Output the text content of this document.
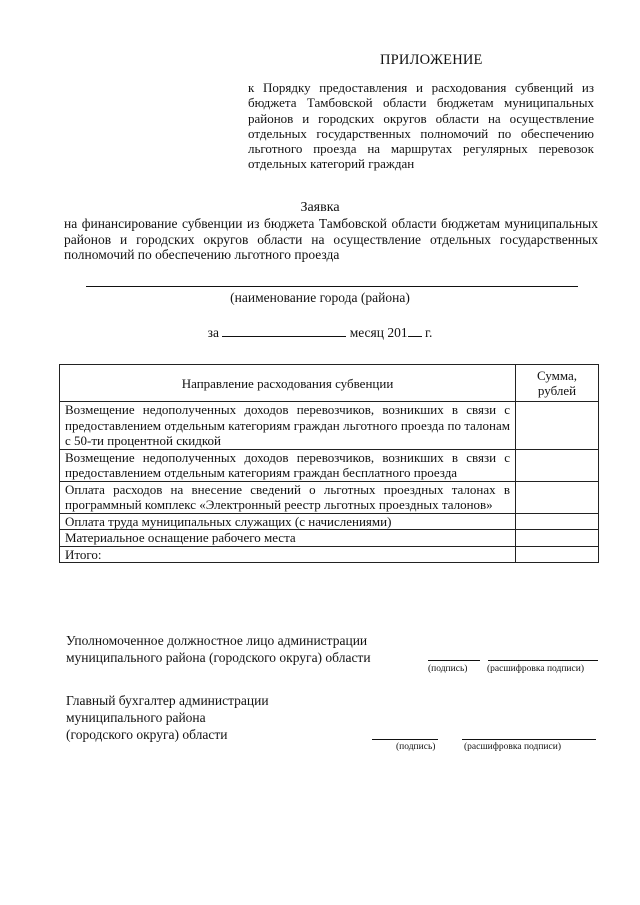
ПРИЛОЖЕНИЕ
к Порядку предоставления и расходования субвенций из бюджета Тамбовской области бюджетам муниципальных районов и городских округов области на осуществление отдельных государственных полномочий по обеспечению льготного проезда на маршрутах регулярных перевозок отдельных категорий граждан
Заявка
на финансирование субвенции из бюджета Тамбовской области бюджетам муниципальных районов и городских округов области на осуществление отдельных государственных полномочий по обеспечению льготного проезда
(наименование города (района)
за	месяц 201 г.
Направление расходования субвенции	Сумма, рублей
Возмещение недополученных доходов перевозчиков, возникших в связи с предоставлением отдельным категориям граждан льготного проезда по талонам с 50-ти процентной скидкой	
Возмещение недополученных доходов перевозчиков, возникших в связи с предоставлением отдельным категориям граждан бесплатного проезда	
Оплата расходов на внесение сведений о льготных проездных талонах в программный комплекс «Электронный реестр льготных проездных талонов»	
Оплата труда муниципальных служащих (с начислениями)	
Материальное оснащение рабочего места	
Итого:	
Уполномоченное должностное лицо администрации
муниципального района (городского округа) области
(подпись) (расшифровка подписи)
Главный бухгалтер администрации
муниципального района
(городского округа) области
(подпись)	(расшифровка подписи)
